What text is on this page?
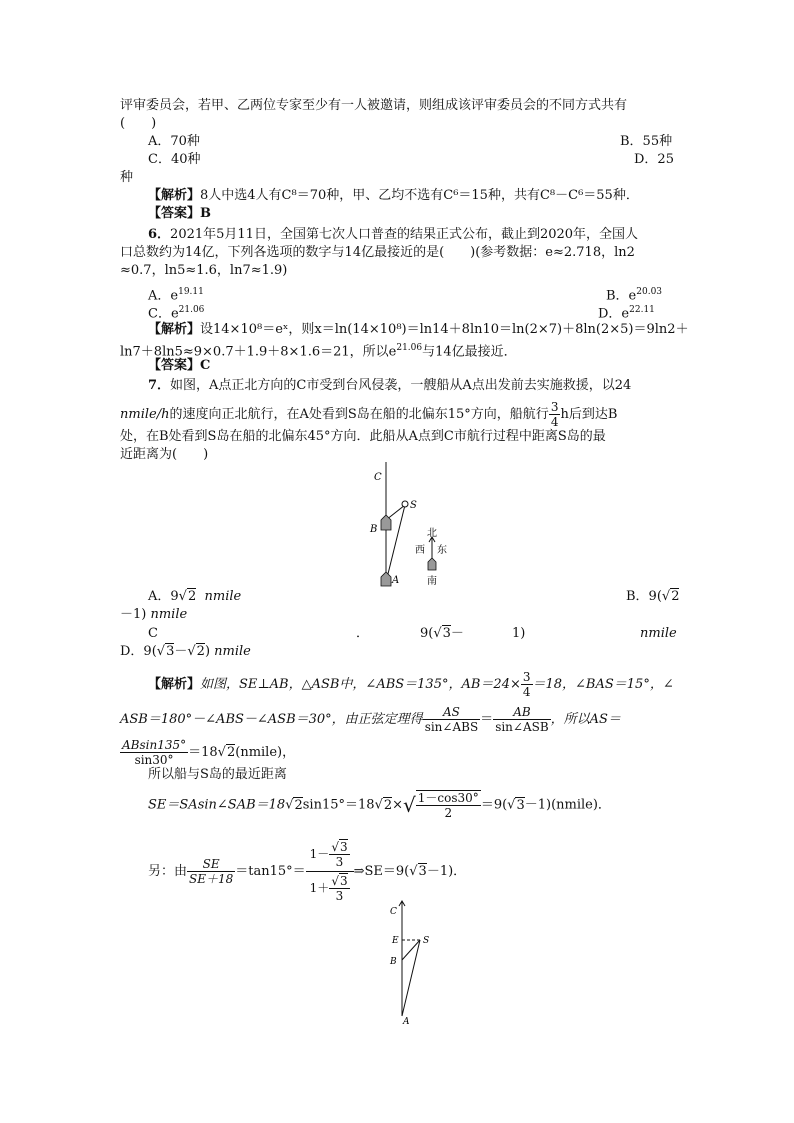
评审委员会，若甲、乙两位专家至少有一人被邀请，则组成该评审委员会的不同方式共有
(　　)
A．70种	B．55种
C．40种	D．25
种
【解析】8人中选4人有C⁸＝70种，甲、乙均不选有C⁶＝15种，共有C⁸－C⁶＝55种．
【答案】B
6．2021年5月11日，全国第七次人口普查的结果正式公布，截止到2020年，全国人
口总数约为14亿，下列各选项的数字与14亿最接近的是(　　)(参考数据：e≈2.718，ln2
≈0.7，ln5≈1.6，ln7≈1.9)
A．$e^{19.11}$	B．$e^{20.03}$
C．$e^{21.06}$	D．$e^{22.11}$
【解析】设14×10⁸＝eˣ，则x＝ln(14×10⁸)＝ln14＋8ln10＝ln(2×7)＋8ln(2×5)＝9ln2＋
ln7＋8ln5≈9×0.7＋1.9＋8×1.6＝21，所以$e^{21.06}$与14亿最接近．
【答案】C
7．如图，A点正北方向的C市受到台风侵袭，一艘船从A点出发前去实施救援，以24
nmile/h的速度向正北航行，在A处看到S岛在船的北偏东15°方向，船航行 $\frac{3}{4}$ h后到达B
处，在B处看到S岛在船的北偏东45°方向．此船从A点到C市航行过程中距离S岛的最
近距离为(　　)
C
S
B
A
北
西 东
南
A．9√2 nmile	B．9(√2
－1) nmile
C	．	9(√3－	1)	nmile
D．9(√3－√2) nmile
【解析】如图，SE⊥AB，△ASB中，∠ABS＝135°，$AB=24\times \frac{3}{4} =18$，∠BAS＝15°，∠
ASB＝180°－∠ABS－∠ASB＝30°，由正弦定理得 $\frac{AS}{\text{sin∠ABS}} = \frac{AB}{\text{sin∠ASB}}$ ，所以AS＝
$\frac{ABsin135^\circ}{\sin 30^\circ}$ ＝18√2(nmile)，
所以船与S岛的最近距离
SE＝SAsin∠SAB＝18√2sin15°＝18√2×√ $\frac{1-\cos 30^\circ}{2}$ ＝9(√3－1)(nmile)．
另：由 $\frac{SE}{SE+18} =\tan 15^\circ= \frac{1- \frac{√3}{3}}{1+ \frac{√3}{3}}$ ⇒SE＝9(√3－1)．
C
E	S
B
A
